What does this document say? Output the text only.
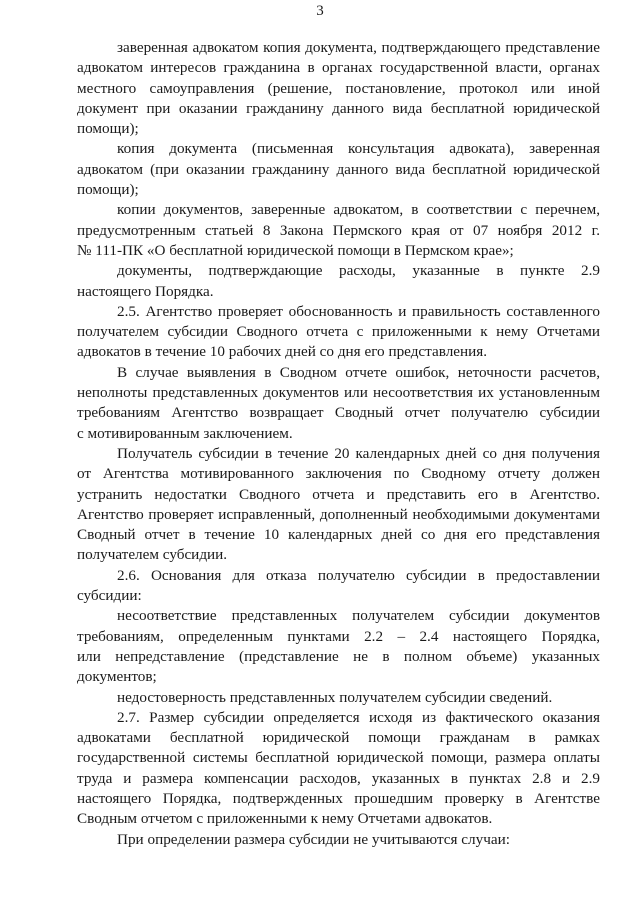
3
заверенная адвокатом копия документа, подтверждающего представление
адвокатом интересов гражданина в органах государственной власти, органах
местного самоуправления (решение, постановление, протокол или иной
документ при оказании гражданину данного вида бесплатной юридической
помощи);
копия документа (письменная консультация адвоката), заверенная
адвокатом (при оказании гражданину данного вида бесплатной юридической
помощи);
копии документов, заверенные адвокатом, в соответствии с перечнем,
предусмотренным статьей 8 Закона Пермского края от 07 ноября 2012 г.
№ 111-ПК «О бесплатной юридической помощи в Пермском крае»;
документы, подтверждающие расходы, указанные в пункте 2.9
настоящего Порядка.
2.5. Агентство проверяет обоснованность и правильность составленного
получателем субсидии Сводного отчета с приложенными к нему Отчетами
адвокатов в течение 10 рабочих дней со дня его представления.
В случае выявления в Сводном отчете ошибок, неточности расчетов,
неполноты представленных документов или несоответствия их установленным
требованиям Агентство возвращает Сводный отчет получателю субсидии
с мотивированным заключением.
Получатель субсидии в течение 20 календарных дней со дня получения
от Агентства мотивированного заключения по Сводному отчету должен
устранить недостатки Сводного отчета и представить его в Агентство.
Агентство проверяет исправленный, дополненный необходимыми документами
Сводный отчет в течение 10 календарных дней со дня его представления
получателем субсидии.
2.6. Основания для отказа получателю субсидии в предоставлении
субсидии:
несоответствие представленных получателем субсидии документов
требованиям, определенным пунктами 2.2 – 2.4 настоящего Порядка,
или непредставление (представление не в полном объеме) указанных
документов;
недостоверность представленных получателем субсидии сведений.
2.7. Размер субсидии определяется исходя из фактического оказания
адвокатами бесплатной юридической помощи гражданам в рамках
государственной системы бесплатной юридической помощи, размера оплаты
труда и размера компенсации расходов, указанных в пунктах 2.8 и 2.9
настоящего Порядка, подтвержденных прошедшим проверку в Агентстве
Сводным отчетом с приложенными к нему Отчетами адвокатов.
При определении размера субсидии не учитываются случаи:
